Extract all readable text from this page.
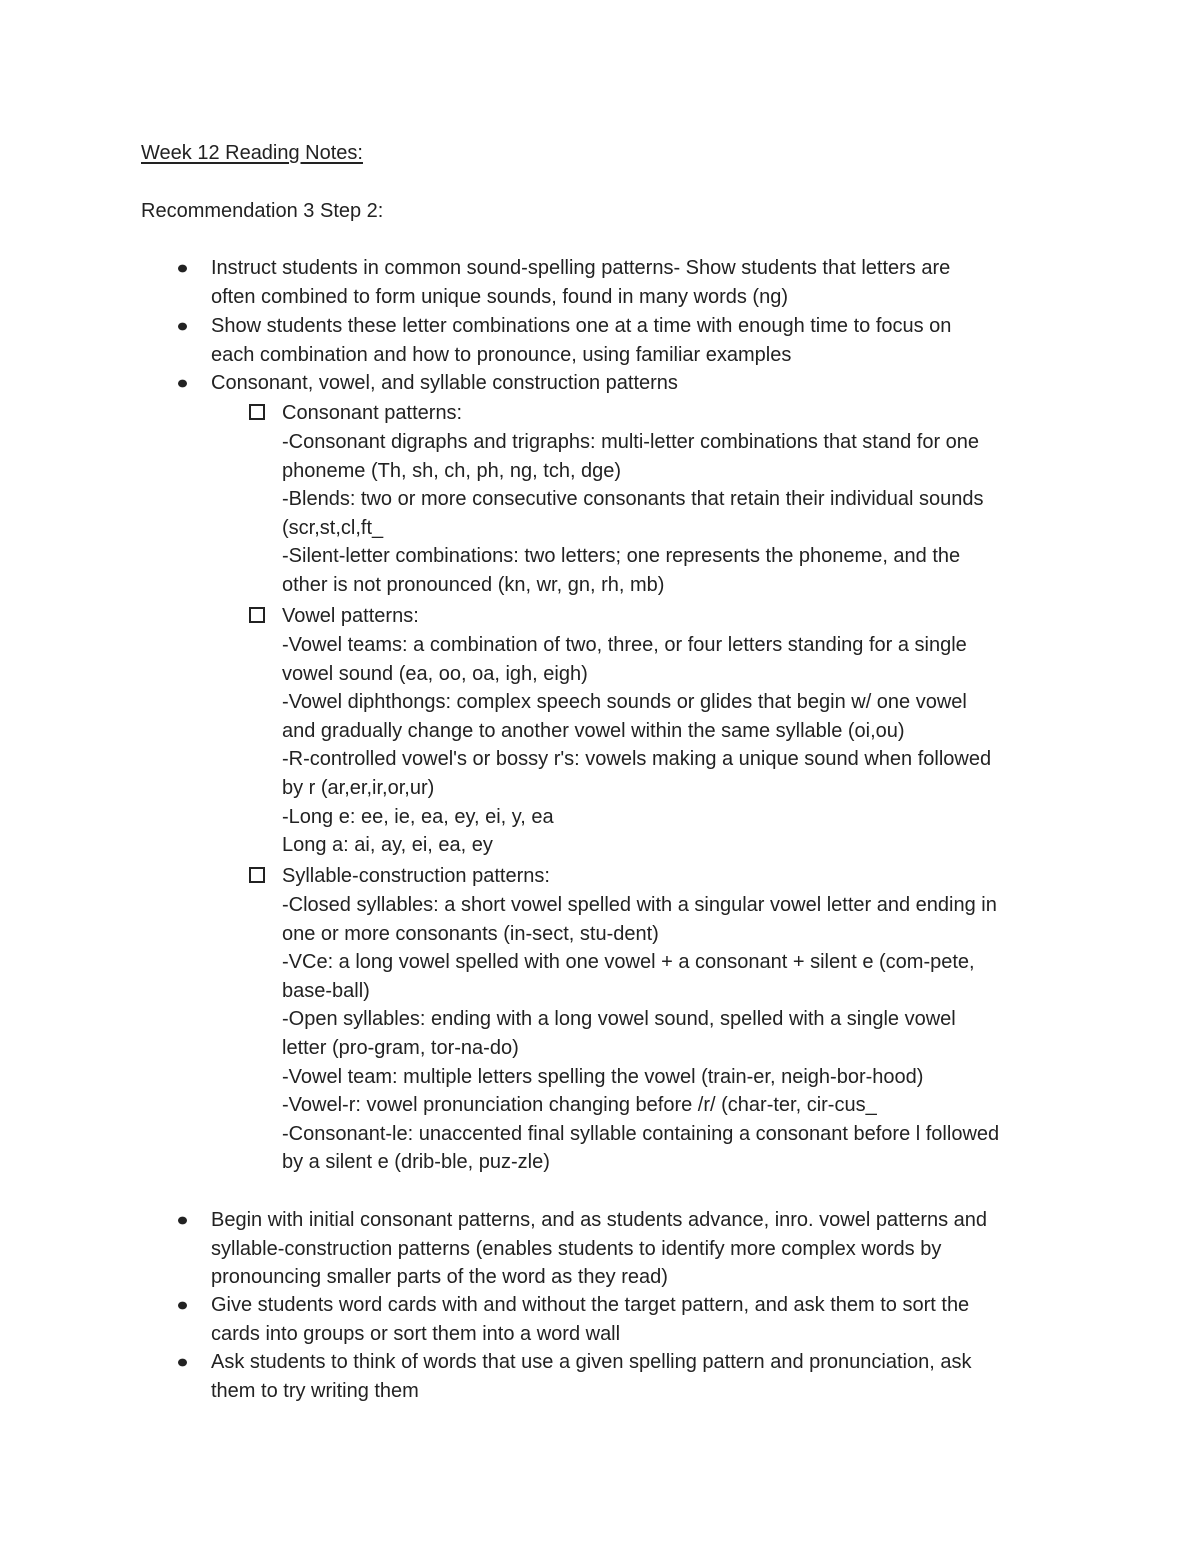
Week 12 Reading Notes:
Recommendation 3 Step 2:
Instruct students in common sound-spelling patterns- Show students that letters are
often combined to form unique sounds, found in many words (ng)
Show students these letter combinations one at a time with enough time to focus on
each combination and how to pronounce, using familiar examples
Consonant, vowel, and syllable construction patterns
Consonant patterns:
-Consonant digraphs and trigraphs: multi-letter combinations that stand for one
phoneme (Th, sh, ch, ph, ng, tch, dge)
-Blends: two or more consecutive consonants that retain their individual sounds
(scr,st,cl,ft_
-Silent-letter combinations: two letters; one represents the phoneme, and the
other is not pronounced (kn, wr, gn, rh, mb)
Vowel patterns:
-Vowel teams: a combination of two, three, or four letters standing for a single
vowel sound (ea, oo, oa, igh, eigh)
-Vowel diphthongs: complex speech sounds or glides that begin w/ one vowel
and gradually change to another vowel within the same syllable (oi,ou)
-R-controlled vowel's or bossy r's: vowels making a unique sound when followed
by r (ar,er,ir,or,ur)
-Long e: ee, ie, ea, ey, ei, y, ea
Long a: ai, ay, ei, ea, ey
Syllable-construction patterns:
-Closed syllables: a short vowel spelled with a singular vowel letter and ending in
one or more consonants (in-sect, stu-dent)
-VCe: a long vowel spelled with one vowel + a consonant + silent e (com-pete,
base-ball)
-Open syllables: ending with a long vowel sound, spelled with a single vowel
letter (pro-gram, tor-na-do)
-Vowel team: multiple letters spelling the vowel (train-er, neigh-bor-hood)
-Vowel-r: vowel pronunciation changing before /r/ (char-ter, cir-cus_
-Consonant-le: unaccented final syllable containing a consonant before l followed
by a silent e (drib-ble, puz-zle)
Begin with initial consonant patterns, and as students advance, inro. vowel patterns and
syllable-construction patterns (enables students to identify more complex words by
pronouncing smaller parts of the word as they read)
Give students word cards with and without the target pattern, and ask them to sort the
cards into groups or sort them into a word wall
Ask students to think of words that use a given spelling pattern and pronunciation, ask
them to try writing them
